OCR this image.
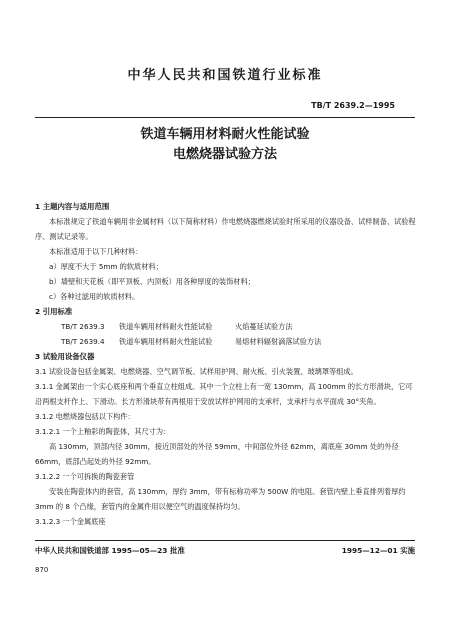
中华人民共和国铁道行业标准
TB/T 2639.2—1995
铁道车辆用材料耐火性能试验
电燃烧器试验方法

1 主题内容与适用范围

本标准规定了铁道车辆用非金属材料（以下简称材料）作电燃烧器燃烧试验时所采用的仪器设备、试样制备、试验程序、测试记录等。

本标准适用于以下几种材料：

a）厚度不大于 5mm 的软质材料；

b）墙壁和天花板（即平顶板、内顶板）用各种厚度的装饰材料；

c）各种过滤用的软质材料。

2 引用标准

TB/T 2639.3 铁道车辆用材料耐火性能试验	火焰蔓延试验方法

TB/T 2639.4 铁道车辆用材料耐火性能试验	易熔材料辐射滴落试验方法

3 试验用设备仪器

3.1 试验设备包括金属架、电燃烧器、空气调节板、试样用护网、耐火板、引火装置、玻璃罩等组成。

3.1.1 金属架由一个实心底座和两个垂直立柱组成。其中一个立柱上有一宽 130mm，高 100mm 的长方形滑块，它可沿两根支杆作上、下滑动。长方形滑块带有两根用于安放试样护网用的支承杆，支承杆与水平面成 30°夹角。

3.1.2 电燃烧器包括以下构件：

3.1.2.1 一个上釉彩的陶瓷体，其尺寸为：

高 130mm，顶部内径 30mm，接近顶部处的外径 59mm，中间部位外径 62mm，离底座 30mm 处的外径 66mm，底部凸起处的外径 92mm。

3.1.2.2 一个可拆换的陶瓷套管

安装在陶瓷体内的套管，高 130mm，厚约 3mm，带有标称功率为 500W 的电阻。套管内壁上垂直排列着厚约 3mm 的 8 个凸缘，套管内的金属件用以便空气的温度保持均匀。

3.1.2.3 一个金属底座

中华人民共和国铁道部 1995—05—23 批准	1995—12—01 实施
870
